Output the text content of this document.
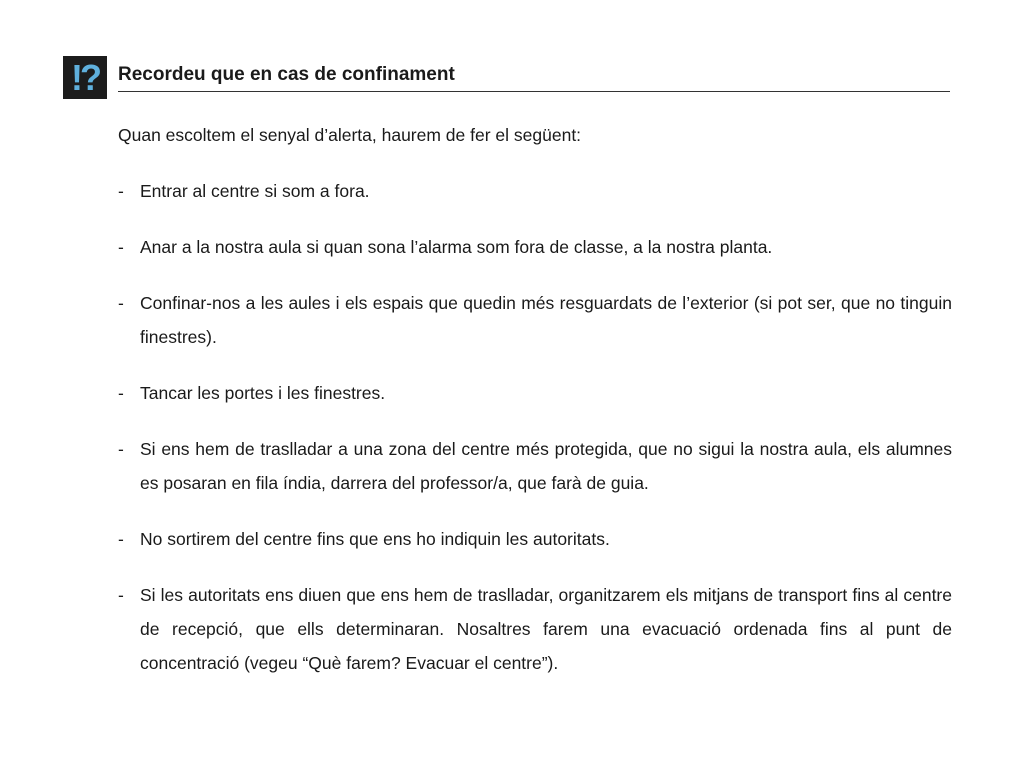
!? Recordeu que en cas de confinament

Quan escoltem el senyal d’alerta, haurem de fer el següent:

- Entrar al centre si som a fora.
- Anar a la nostra aula si quan sona l’alarma som fora de classe, a la nostra planta.
- Confinar-nos a les aules i els espais que quedin més resguardats de l’exterior (si pot ser, que no tinguin finestres).
- Tancar les portes i les finestres.
- Si ens hem de traslladar a una zona del centre més protegida, que no sigui la nostra aula, els alumnes es posaran en fila índia, darrera del professor/a, que farà de guia.
- No sortirem del centre fins que ens ho indiquin les autoritats.
- Si les autoritats ens diuen que ens hem de traslladar, organitzarem els mitjans de transport fins al centre de recepció, que ells determinaran. Nosaltres farem una evacuació ordenada fins al punt de concentració (vegeu “Què farem? Evacuar el centre”).
